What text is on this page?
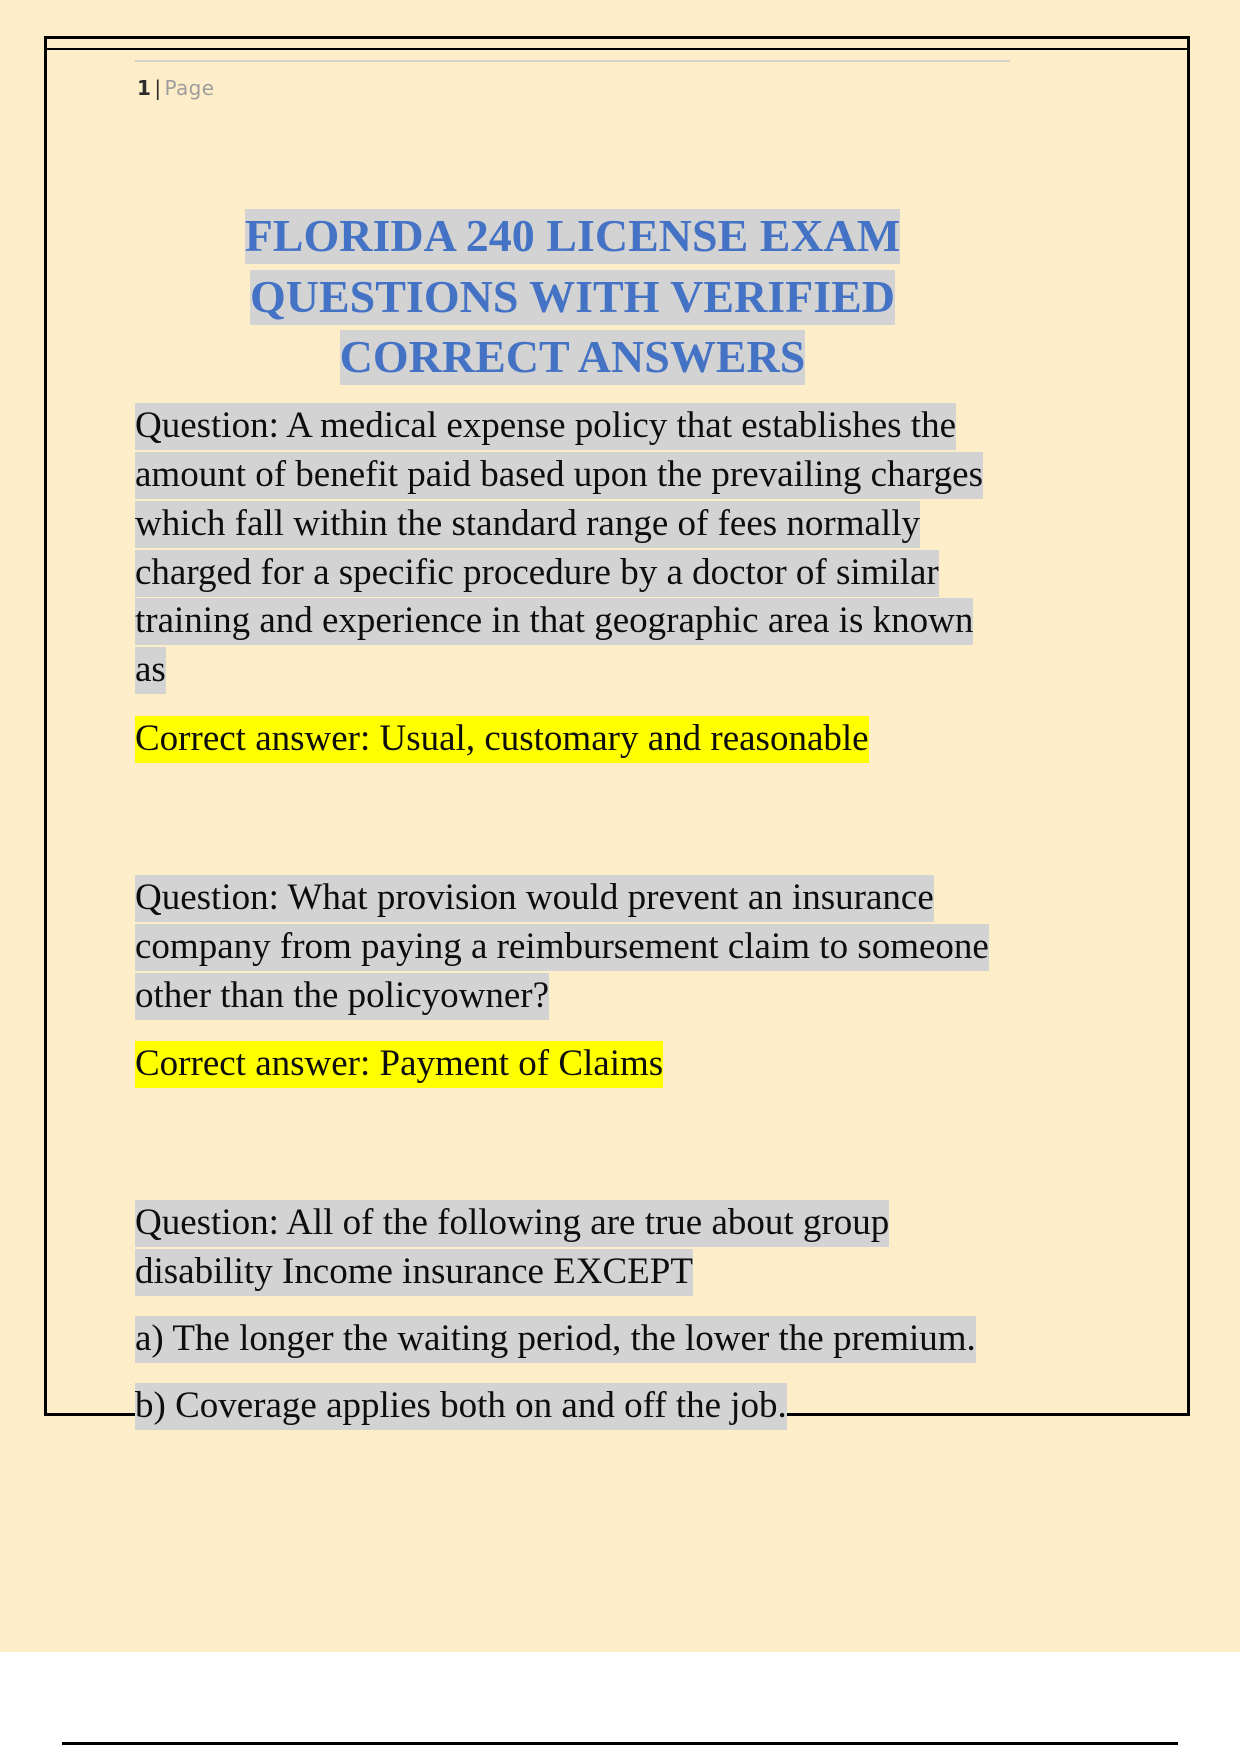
1 | Page
FLORIDA 240 LICENSE EXAM
QUESTIONS WITH VERIFIED
CORRECT ANSWERS
Question: A medical expense policy that establishes the amount of benefit paid based upon the prevailing charges which fall within the standard range of fees normally charged for a specific procedure by a doctor of similar training and experience in that geographic area is known as
Correct answer: Usual, customary and reasonable
Question: What provision would prevent an insurance company from paying a reimbursement claim to someone other than the policyowner?
Correct answer: Payment of Claims
Question: All of the following are true about group disability Income insurance EXCEPT
a) The longer the waiting period, the lower the premium.
b) Coverage applies both on and off the job.
